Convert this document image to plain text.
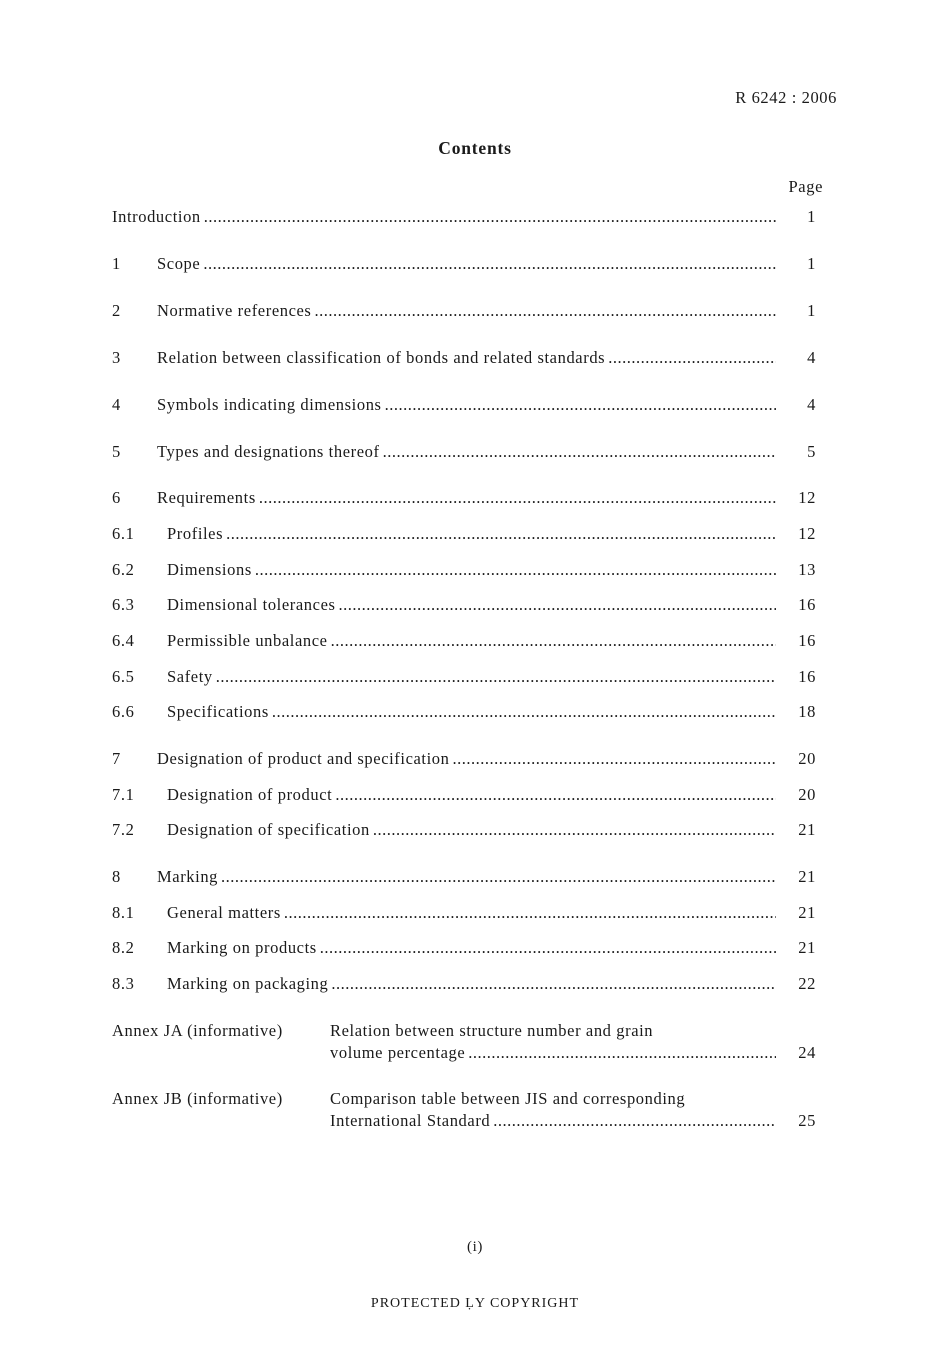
R 6242 : 2006
Contents
Page
Introduction .....	1
1 Scope .....	1
2 Normative references .....	1
3 Relation between classification of bonds and related standards .....	4
4 Symbols indicating dimensions .....	4
5 Types and designations thereof .....	5
6 Requirements .....	12
6.1 Profiles .....	12
6.2 Dimensions .....	13
6.3 Dimensional tolerances .....	16
6.4 Permissible unbalance .....	16
6.5 Safety .....	16
6.6 Specifications .....	18
7 Designation of product and specification .....	20
7.1 Designation of product .....	20
7.2 Designation of specification .....	21
8 Marking .....	21
8.1 General matters .....	21
8.2 Marking on products .....	21
8.3 Marking on packaging .....	22
Annex JA (informative)	Relation between structure number and grain
volume percentage .....	24
Annex JB (informative)	Comparison table between JIS and corresponding
International Standard .....	25
(i)
PROTECTED ḶY COPYRIGHT
